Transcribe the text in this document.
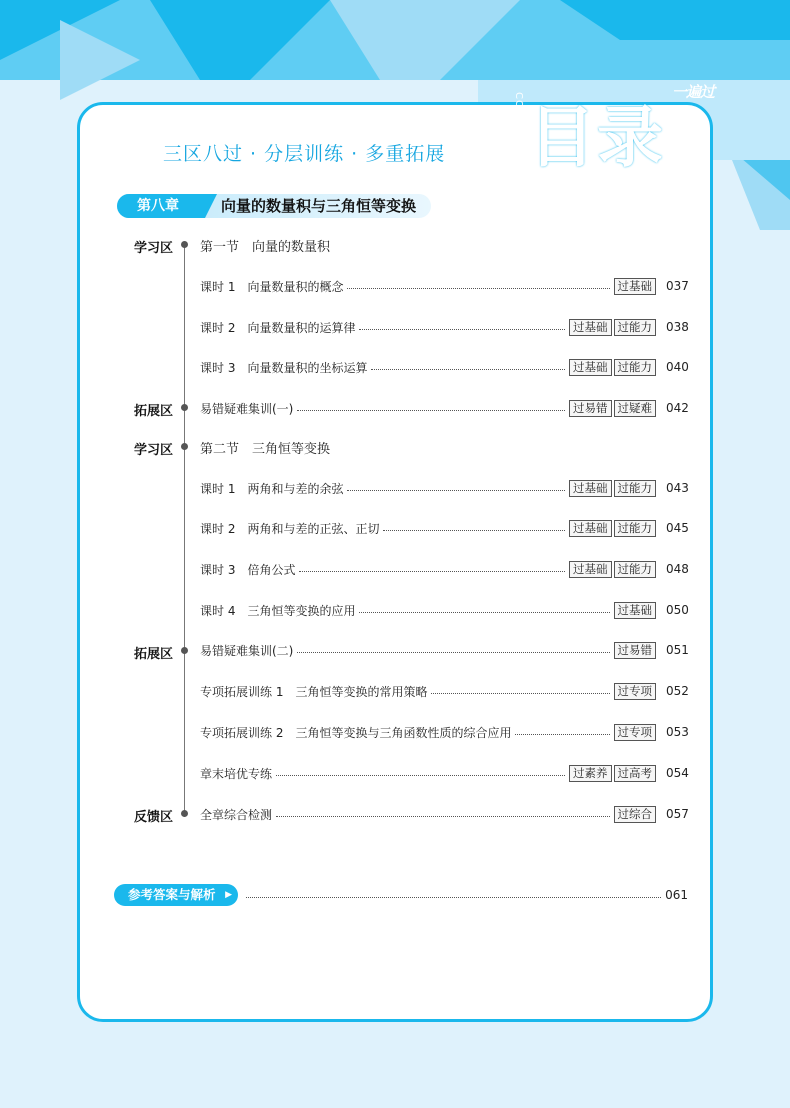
CONTENTS 目录
一遍过
三区八过 · 分层训练 · 多重拓展
第八章	向量的数量积与三角恒等变换
学习区
拓展区
学习区
拓展区
反馈区
第一节　向量的数量积
课时 1　向量数量积的概念	过基础	037
课时 2　向量数量积的运算律	过基础 过能力	038
课时 3　向量数量积的坐标运算	过基础 过能力	040
易错疑难集训(一)	过易错 过疑难	042
第二节　三角恒等变换
课时 1　两角和与差的余弦	过基础 过能力	043
课时 2　两角和与差的正弦、正切	过基础 过能力	045
课时 3　倍角公式	过基础 过能力	048
课时 4　三角恒等变换的应用	过基础	050
易错疑难集训(二)	过易错	051
专项拓展训练 1　三角恒等变换的常用策略	过专项	052
专项拓展训练 2　三角恒等变换与三角函数性质的综合应用	过专项	053
章末培优专练	过素养 过高考	054
全章综合检测	过综合	057
参考答案与解析	▶	061
